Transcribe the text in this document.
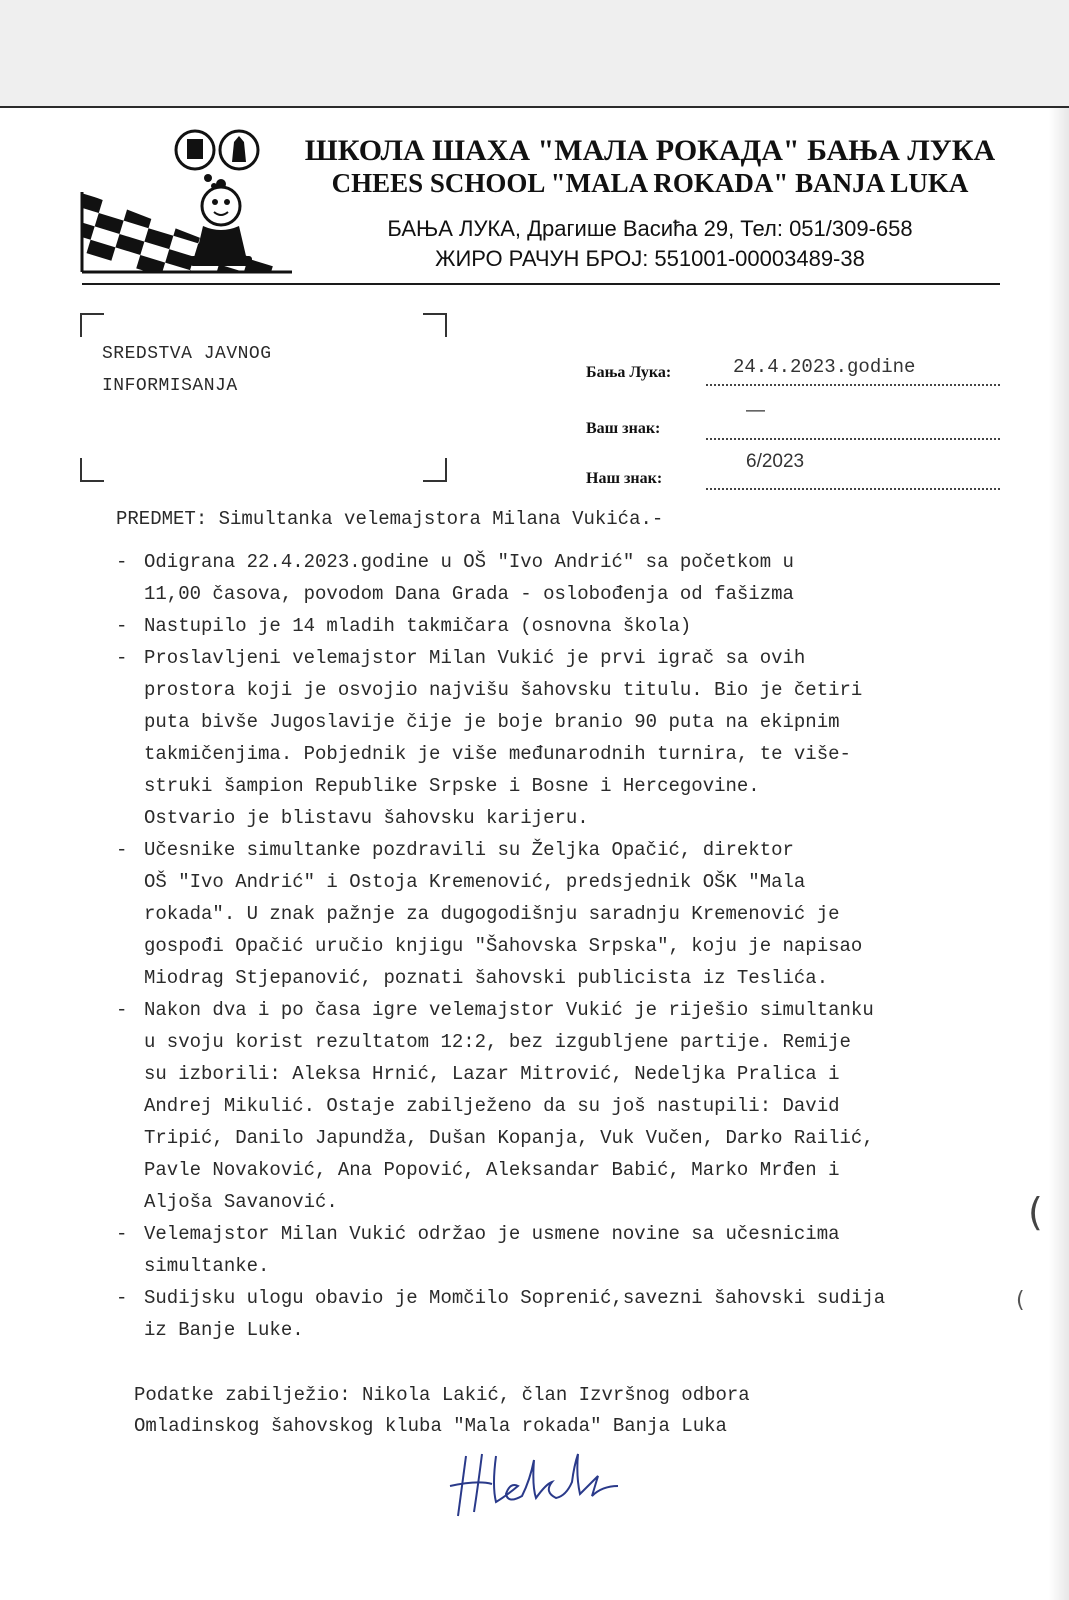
ШКОЛА ШАХА "МАЛА РОКАДА" БАЊА ЛУКА
CHEES SCHOOL "MALA ROKADA" BANJA LUKA
БАЊА ЛУКА, Драгише Васића 29, Тел: 051/309-658
ЖИРО РАЧУН БРОЈ: 551001-00003489-38
SREDSTVA JAVNOG
INFORMISANJA
Бања Лука:	24.4.2023.godine
Ваш знак:
—
Наш знак:
6/2023
PREDMET: Simultanka velemajstora Milana Vukića.-
- Odigrana 22.4.2023.godine u OŠ "Ivo Andrić" sa početkom u
11,00 časova, povodom Dana Grada - oslobođenja od fašizma
- Nastupilo je 14 mladih takmičara (osnovna škola)
- Proslavljeni velemajstor Milan Vukić je prvi igrač sa ovih
prostora koji je osvojio najvišu šahovsku titulu. Bio je četiri
puta bivše Jugoslavije čije je boje branio 90 puta na ekipnim
takmičenjima. Pobjednik je više međunarodnih turnira, te više-
struki šampion Republike Srpske i Bosne i Hercegovine.
Ostvario je blistavu šahovsku karijeru.
- Učesnike simultanke pozdravili su Željka Opačić, direktor
OŠ "Ivo Andrić" i Ostoja Kremenović, predsjednik OŠK "Mala
rokada". U znak pažnje za dugogodišnju saradnju Kremenović je
gospođi Opačić uručio knjigu "Šahovska Srpska", koju je napisao
Miodrag Stjepanović, poznati šahovski publicista iz Teslića.
- Nakon dva i po časa igre velemajstor Vukić je riješio simultanku
u svoju korist rezultatom 12:2, bez izgubljene partije. Remije
su izborili: Aleksa Hrnić, Lazar Mitrović, Nedeljka Pralica i
Andrej Mikulić. Ostaje zabilježeno da su još nastupili: David
Tripić, Danilo Japundža, Dušan Kopanja, Vuk Vučen, Darko Railić,
Pavle Novaković, Ana Popović, Aleksandar Babić, Marko Mrđen i
Aljoša Savanović.
- Velemajstor Milan Vukić održao je usmene novine sa učesnicima
simultanke.
- Sudijsku ulogu obavio je Momčilo Soprenić,savezni šahovski sudija
iz Banje Luke.
Podatke zabilježio: Nikola Lakić, član Izvršnog odbora
Omladinskog šahovskog kluba "Mala rokada" Banja Luka
(
(
